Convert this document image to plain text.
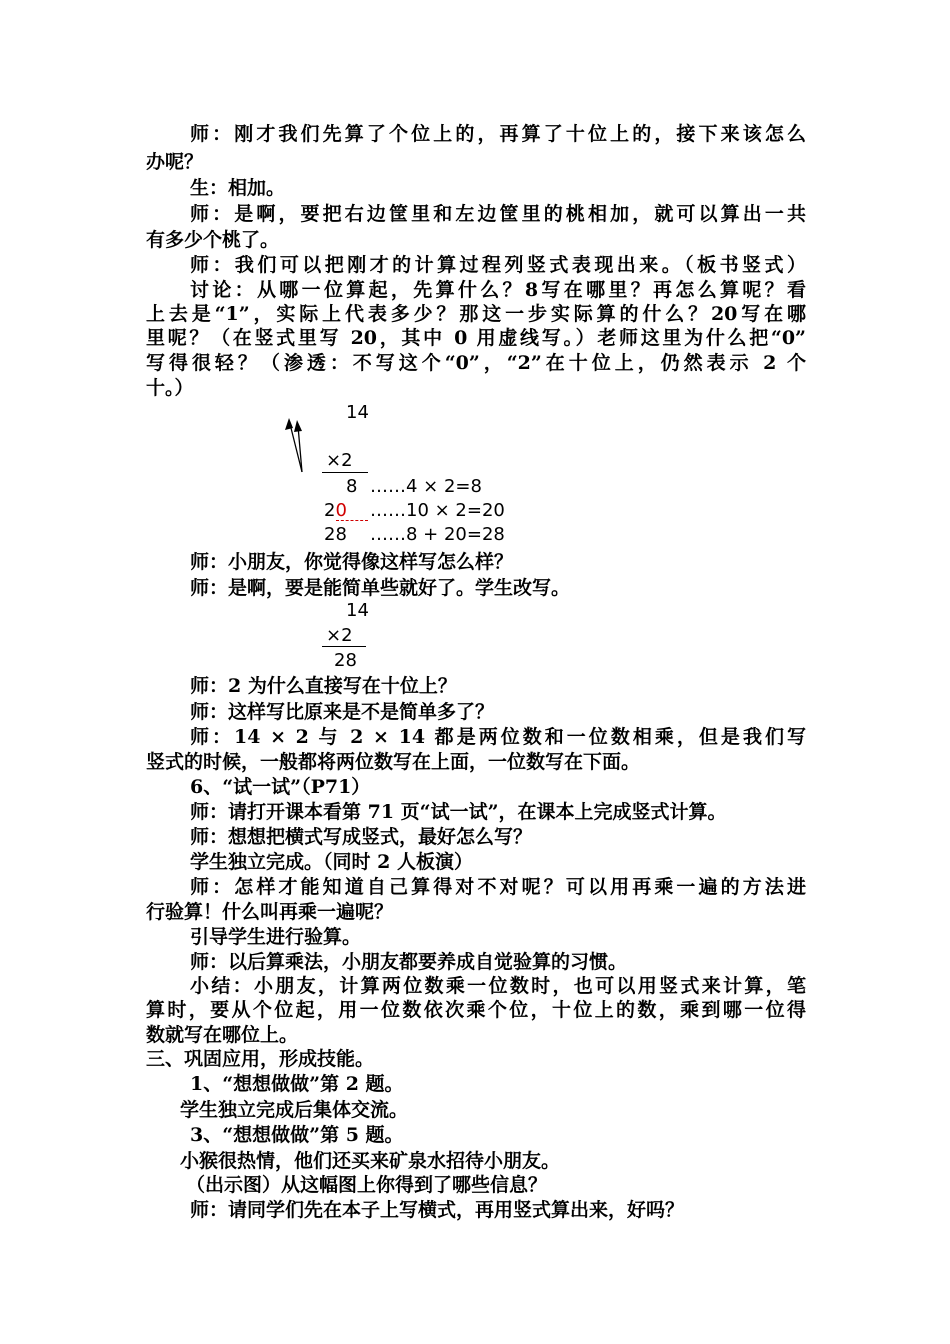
师：刚才我们先算了个位上的，再算了十位上的，接下来该怎么
办呢？
生：相加。
师：是啊，要把右边筐里和左边筐里的桃相加，就可以算出一共
有多少个桃了。
师：我们可以把刚才的计算过程列竖式表现出来。（板书竖式）
讨论：从哪一位算起，先算什么？8写在哪里？再怎么算呢？看
上去是“1”，实际上代表多少？那这一步实际算的什么？20写在哪
里呢？（在竖式里写 20，其中 0 用虚线写。）老师这里为什么把“0”
写得很轻？（渗透：不写这个“0”，“2”在十位上，仍然表示 2 个
十。）
14
×2
8 ……4 × 2=8
20 ……10 × 2=20
28 ……8 + 20=28
师：小朋友，你觉得像这样写怎么样？
师：是啊，要是能简单些就好了。学生改写。
14
×2
28
师：2 为什么直接写在十位上？
师：这样写比原来是不是简单多了？
师：14 × 2 与 2 × 14 都是两位数和一位数相乘，但是我们写
竖式的时候，一般都将两位数写在上面，一位数写在下面。
6、“试一试”（P71）
师：请打开课本看第 71 页“试一试”，在课本上完成竖式计算。
师：想想把横式写成竖式，最好怎么写？
学生独立完成。（同时 2 人板演）
师：怎样才能知道自己算得对不对呢？可以用再乘一遍的方法进
行验算！什么叫再乘一遍呢？
引导学生进行验算。
师：以后算乘法，小朋友都要养成自觉验算的习惯。
小结：小朋友，计算两位数乘一位数时，也可以用竖式来计算，笔
算时，要从个位起，用一位数依次乘个位，十位上的数，乘到哪一位得
数就写在哪位上。
三、巩固应用，形成技能。
1、“想想做做”第 2 题。
学生独立完成后集体交流。
3、“想想做做”第 5 题。
小猴很热情，他们还买来矿泉水招待小朋友。
（出示图）从这幅图上你得到了哪些信息？
师：请同学们先在本子上写横式，再用竖式算出来，好吗？
